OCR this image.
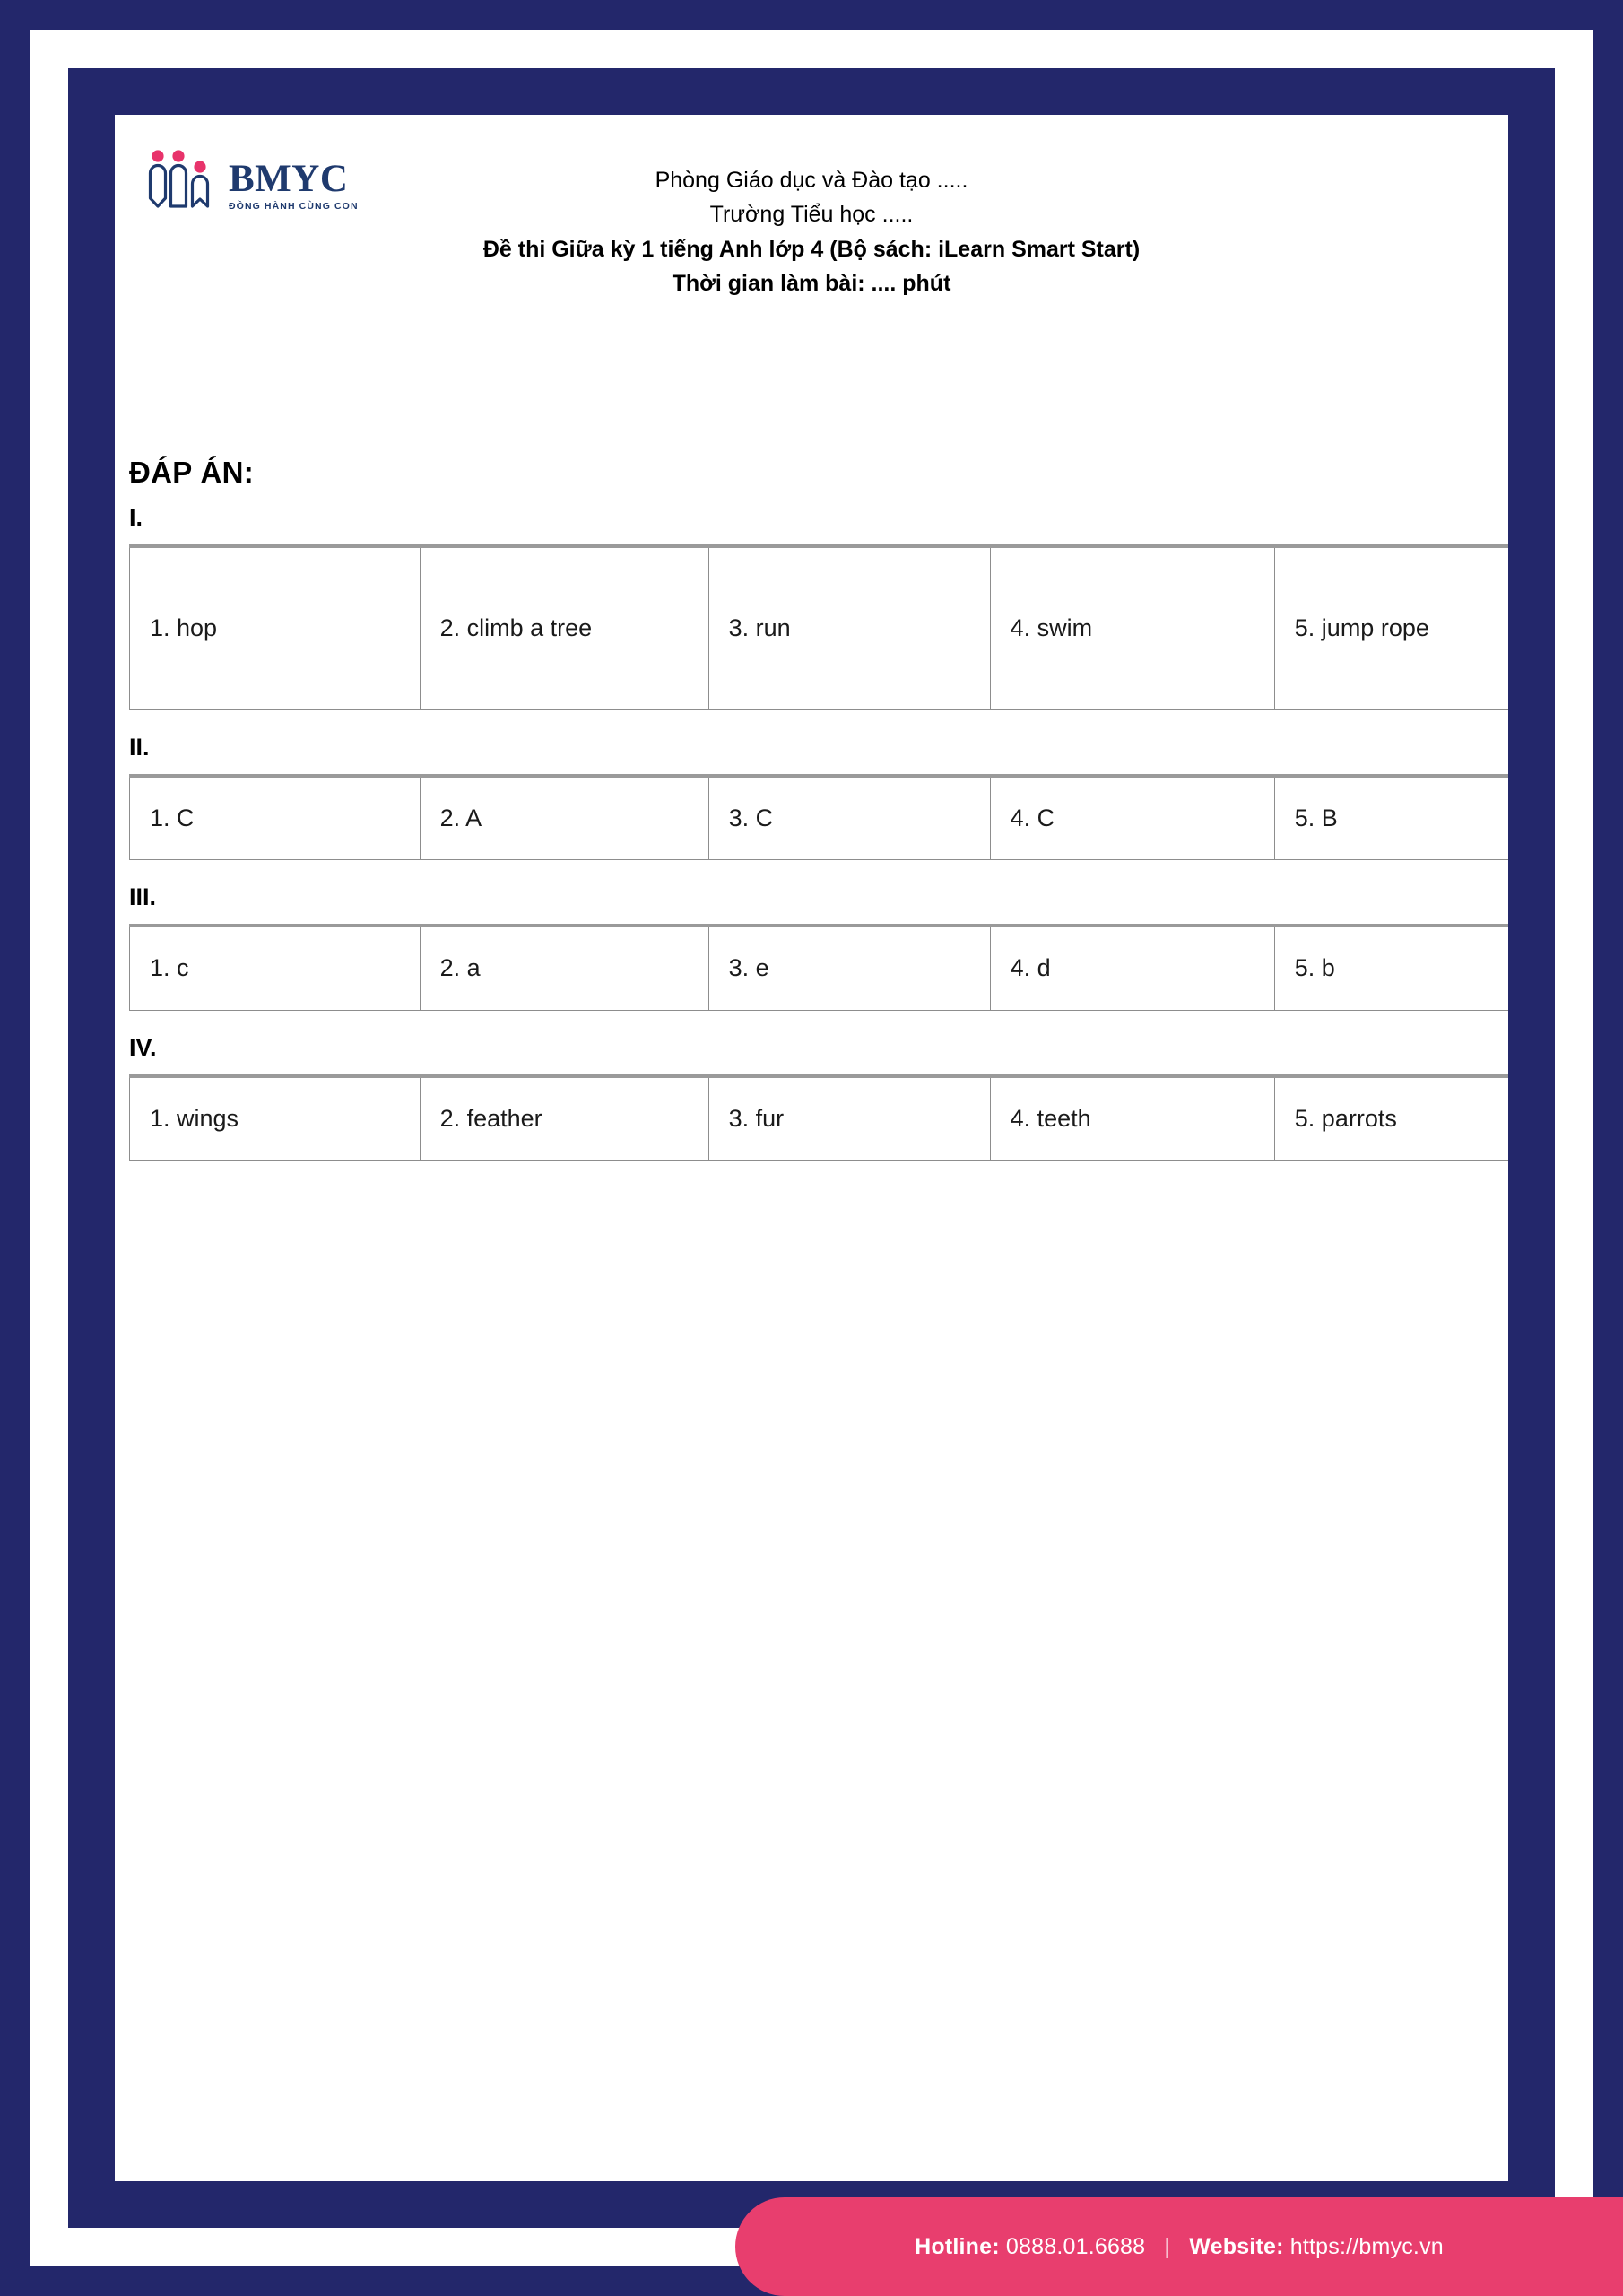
BMYC
ĐỒNG HÀNH CÙNG CON
Phòng Giáo dục và Đào tạo .....
Trường Tiểu học .....
Đề thi Giữa kỳ 1 tiếng Anh lớp 4 (Bộ sách: iLearn Smart Start)
Thời gian làm bài: .... phút
ĐÁP ÁN:
I.
1. hop	2. climb a tree	3. run	4. swim	5. jump rope
II.
1. C	2. A	3. C	4. C	5. B
III.
1. c	2. a	3. e	4. d	5. b
IV.
1. wings	2. feather	3. fur	4. teeth	5. parrots
Hotline: 0888.01.6688 | Website: https://bmyc.vn
